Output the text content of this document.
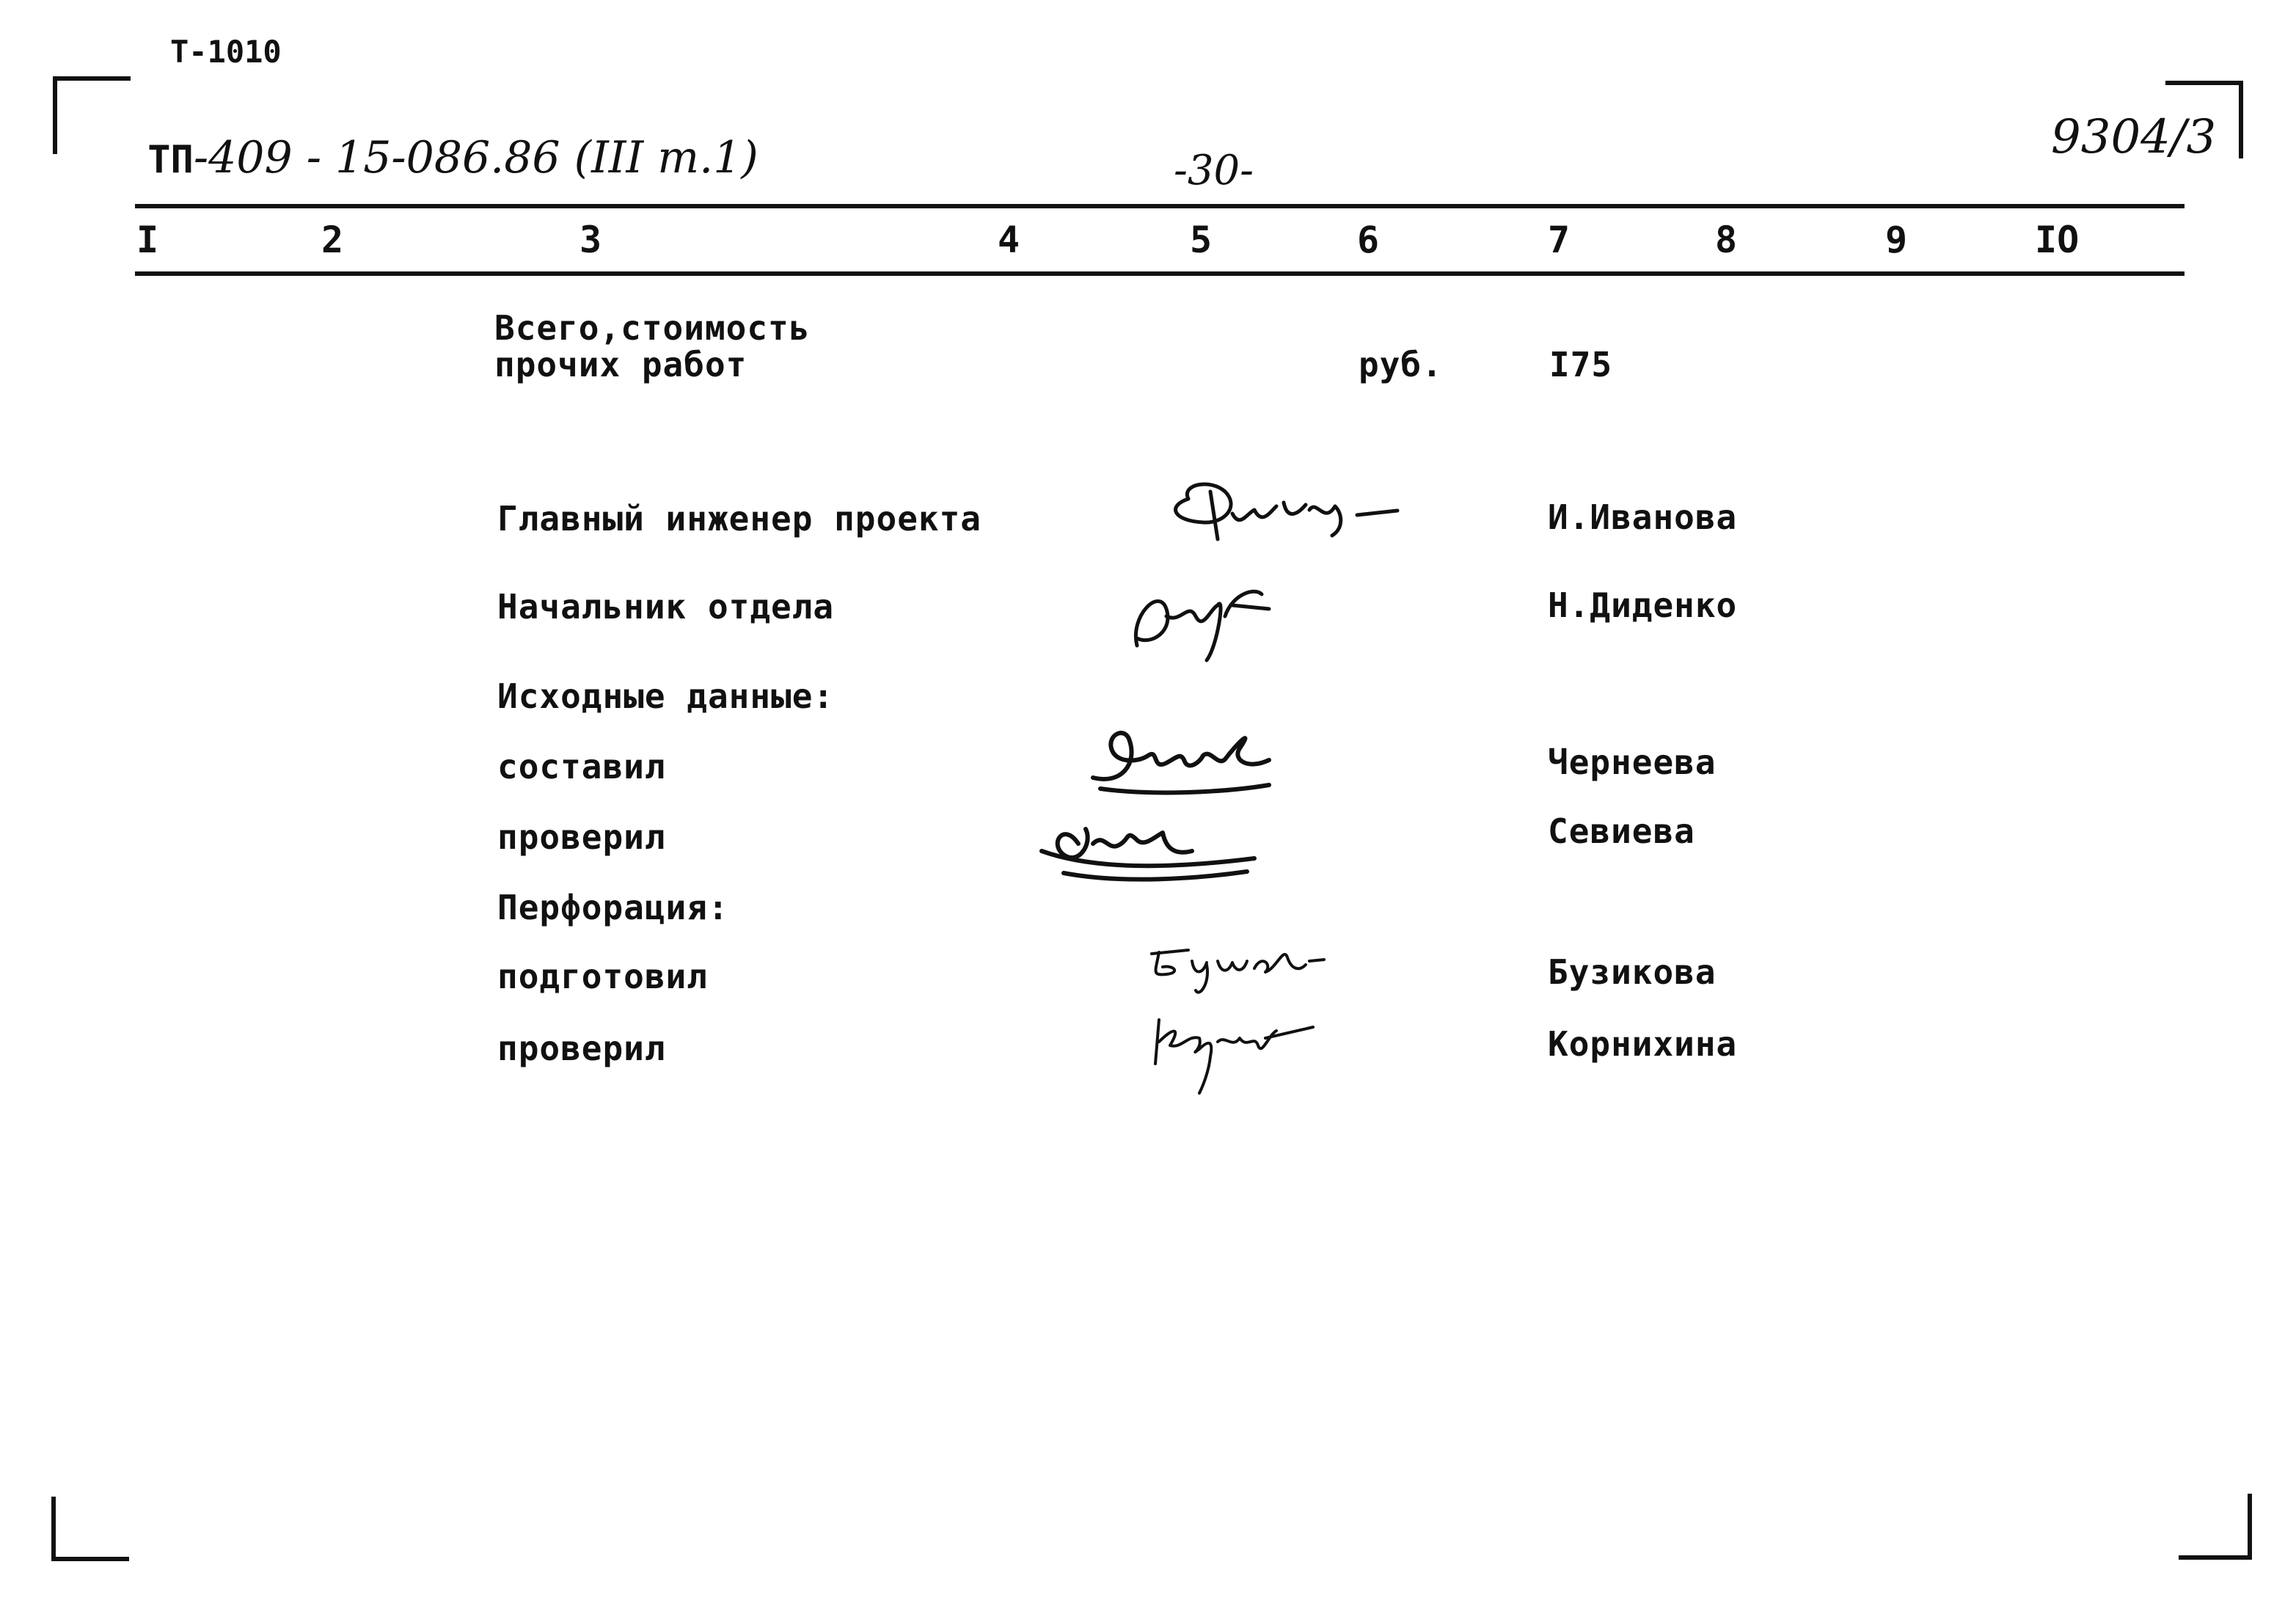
Т-1010

ТП-409 - 15-086.86 (III т.1)	-30-
9304/3
I	2	3	4	5	6	7	8	9	IO
Всего,стоимость
прочих работ	руб.	I75
Главный инженер проекта	И.Иванова
Начальник отдела	Н.Диденко
Исходные данные:
составил	Чернеева
проверил	Севиева
Перфорация:
подготовил	Бузикова
проверил	Корнихина
